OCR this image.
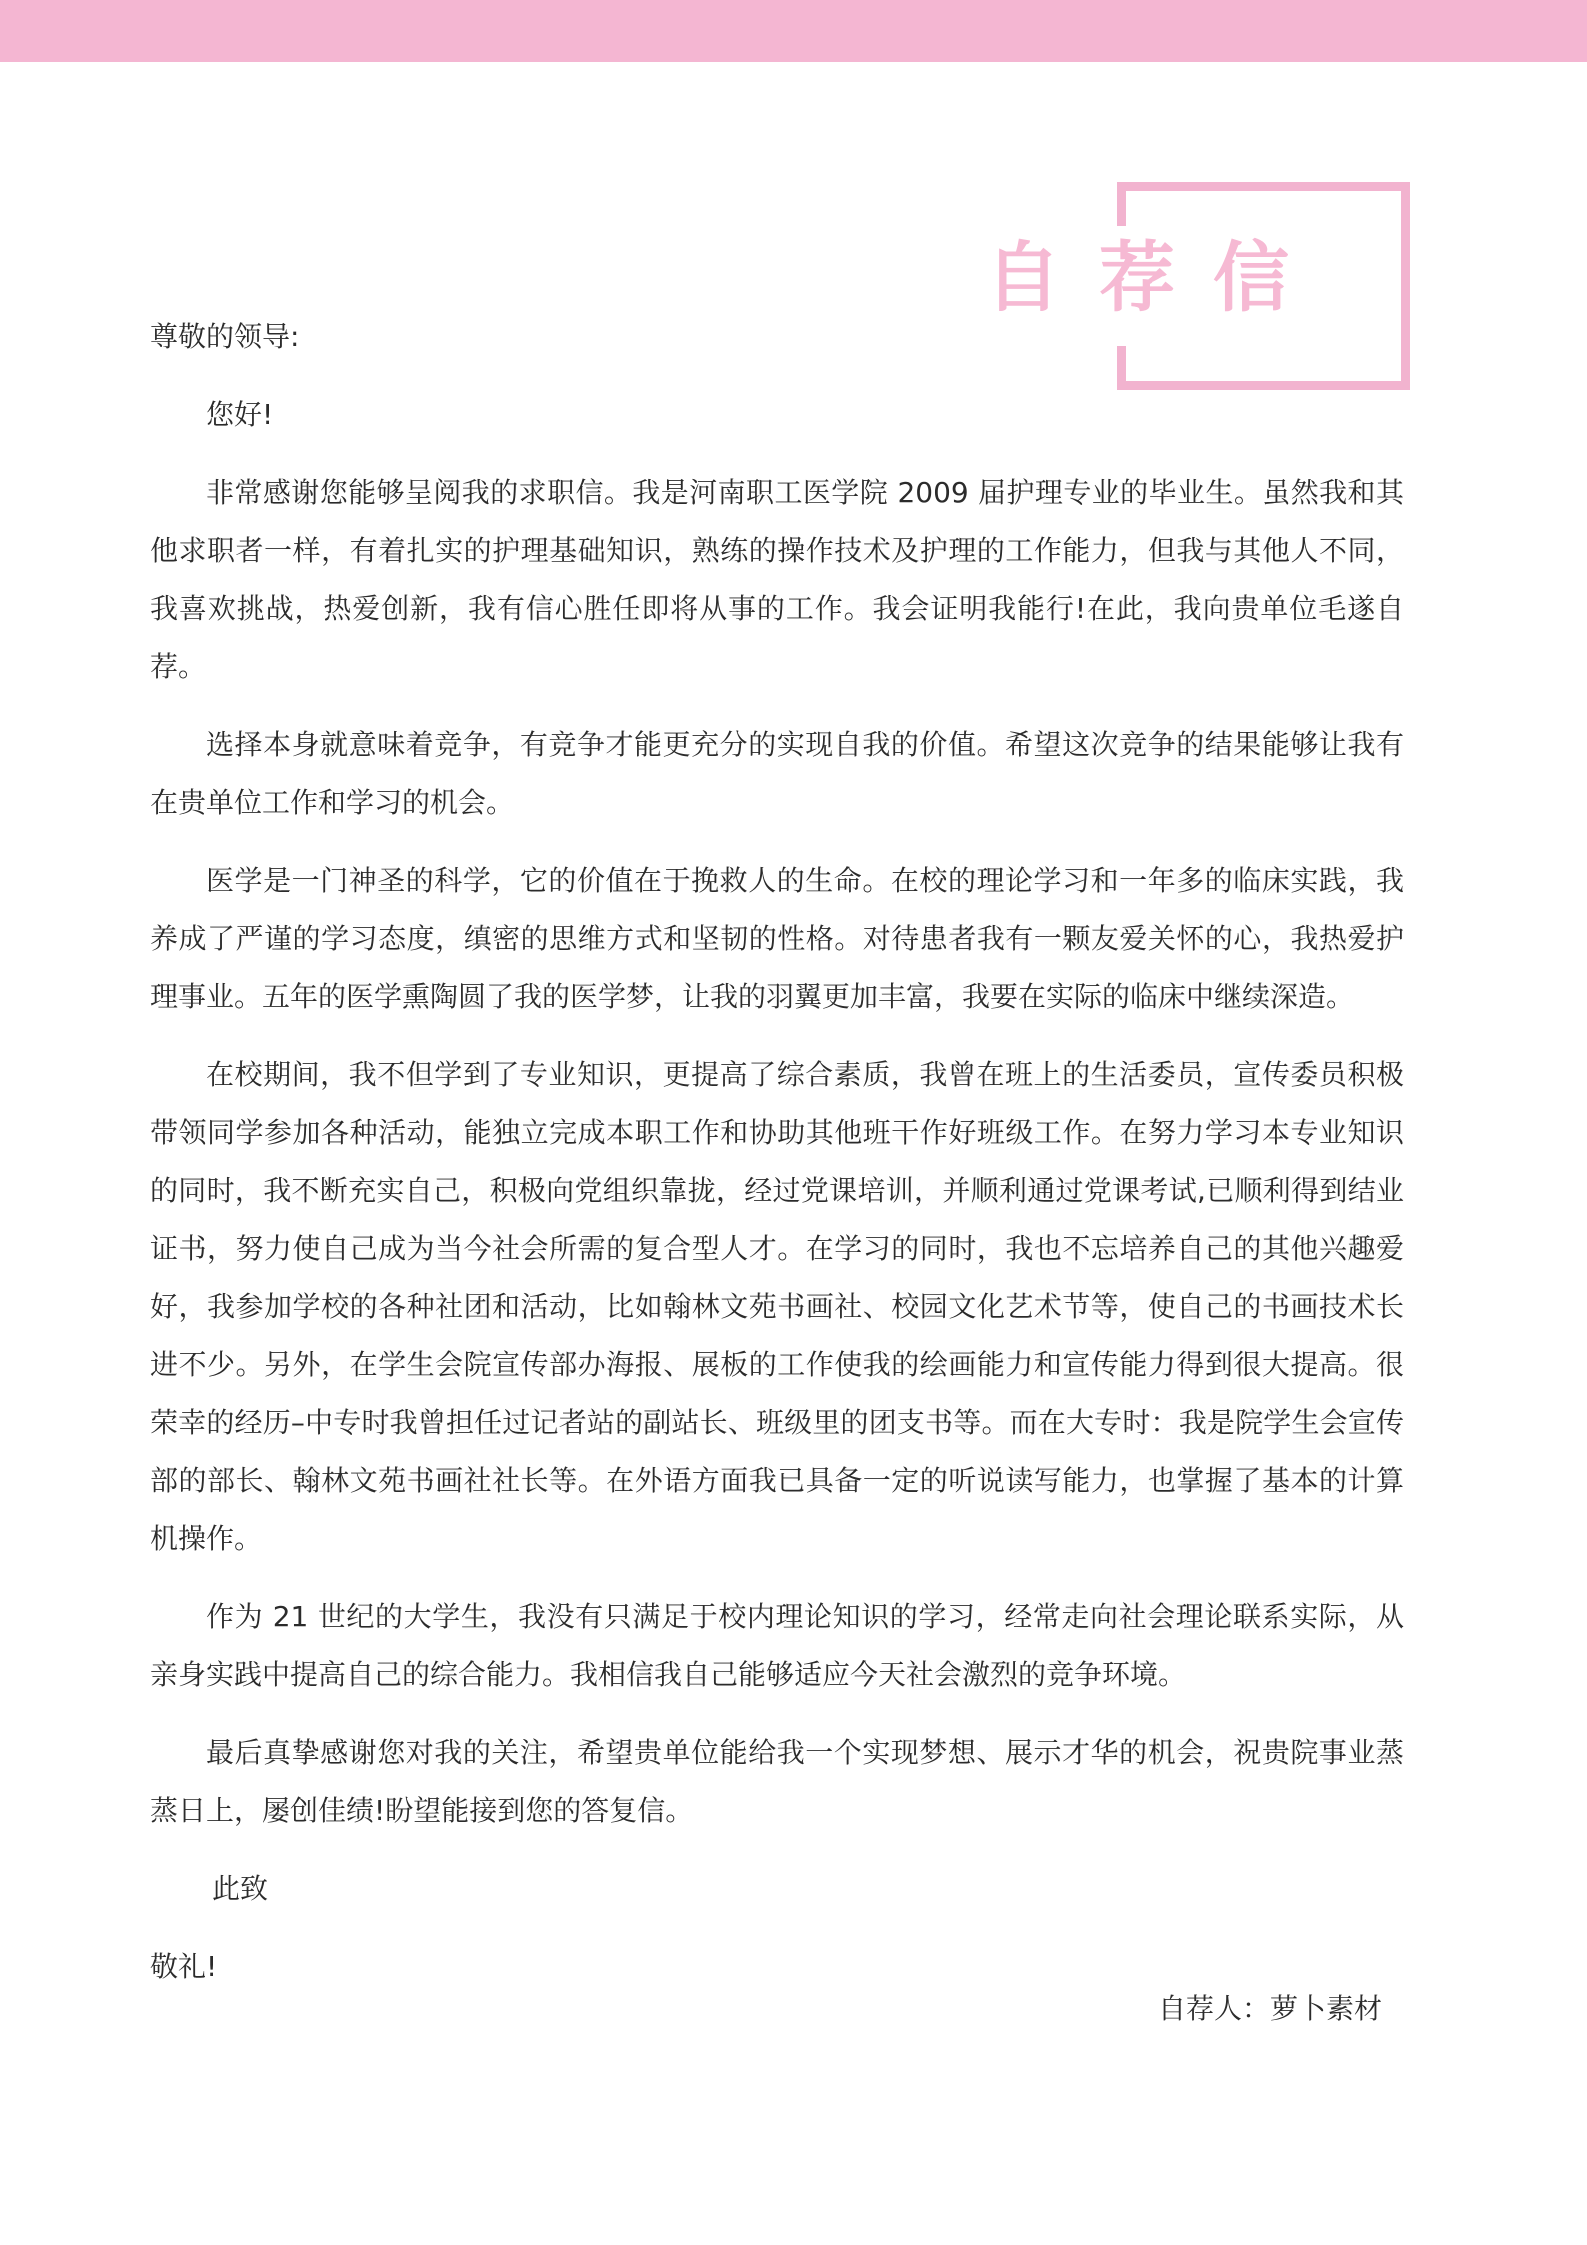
自荐信

尊敬的领导:

您好!

非常感谢您能够呈阅我的求职信。我是河南职工医学院 2009 届护理专业的毕业生。虽然我和其他求职者一样，有着扎实的护理基础知识，熟练的操作技术及护理的工作能力，但我与其他人不同，我喜欢挑战，热爱创新，我有信心胜任即将从事的工作。我会证明我能行!在此，我向贵单位毛遂自荐。

选择本身就意味着竞争，有竞争才能更充分的实现自我的价值。希望这次竞争的结果能够让我有在贵单位工作和学习的机会。

医学是一门神圣的科学，它的价值在于挽救人的生命。在校的理论学习和一年多的临床实践，我养成了严谨的学习态度，缜密的思维方式和坚韧的性格。对待患者我有一颗友爱关怀的心，我热爱护理事业。五年的医学熏陶圆了我的医学梦，让我的羽翼更加丰富，我要在实际的临床中继续深造。

在校期间，我不但学到了专业知识，更提高了综合素质，我曾在班上的生活委员，宣传委员积极带领同学参加各种活动，能独立完成本职工作和协助其他班干作好班级工作。在努力学习本专业知识的同时，我不断充实自己，积极向党组织靠拢，经过党课培训，并顺利通过党课考试,已顺利得到结业证书，努力使自己成为当今社会所需的复合型人才。在学习的同时，我也不忘培养自己的其他兴趣爱好，我参加学校的各种社团和活动，比如翰林文苑书画社、校园文化艺术节等，使自己的书画技术长进不少。另外，在学生会院宣传部办海报、展板的工作使我的绘画能力和宣传能力得到很大提高。很荣幸的经历–中专时我曾担任过记者站的副站长、班级里的团支书等。而在大专时：我是院学生会宣传部的部长、翰林文苑书画社社长等。在外语方面我已具备一定的听说读写能力，也掌握了基本的计算机操作。

作为 21 世纪的大学生，我没有只满足于校内理论知识的学习，经常走向社会理论联系实际，从亲身实践中提高自己的综合能力。我相信我自己能够适应今天社会激烈的竞争环境。

最后真挚感谢您对我的关注，希望贵单位能给我一个实现梦想、展示才华的机会，祝贵院事业蒸蒸日上，屡创佳绩!盼望能接到您的答复信。

此致

敬礼!

自荐人：萝卜素材
